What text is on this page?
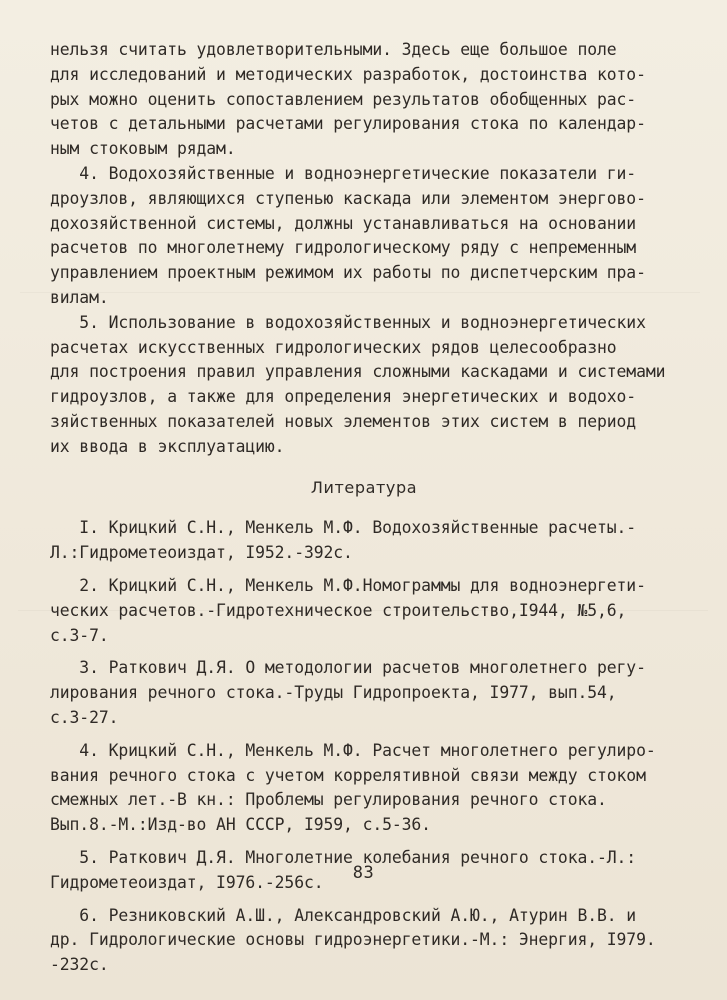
нельзя считать удовлетворительными. Здесь еще большое поле
для исследований и методических разработок, достоинства кото-
рых можно оценить сопоставлением результатов обобщенных рас-
четов с детальными расчетами регулирования стока по календар-
ным стоковым рядам.
4. Водохозяйственные и водноэнергетические показатели ги-
дроузлов, являющихся ступенью каскада или элементом энергово-
дохозяйственной системы, должны устанавливаться на основании
расчетов по многолетнему гидрологическому ряду с непременным
управлением проектным режимом их работы по диспетчерским пра-
вилам.
5. Использование в водохозяйственных и водноэнергетических
расчетах искусственных гидрологических рядов целесообразно
для построения правил управления сложными каскадами и системами
гидроузлов, а также для определения энергетических и водохо-
зяйственных показателей новых элементов этих систем в период
их ввода в эксплуатацию.
Литература
I. Крицкий С.Н., Менкель М.Ф. Водохозяйственные расчеты.-
Л.:Гидрометеоиздат, I952.-392с.
2. Крицкий С.Н., Менкель М.Ф.Номограммы для водноэнергети-
ческих расчетов.-Гидротехническое строительство,I944, №5,6,
с.3-7.
3. Раткович Д.Я. О методологии расчетов многолетнего регу-
лирования речного стока.-Труды Гидропроекта, I977, вып.54,
с.3-27.
4. Крицкий С.Н., Менкель М.Ф. Расчет многолетнего регулиро-
вания речного стока с учетом коррелятивной связи между стоком
смежных лет.-В кн.: Проблемы регулирования речного стока.
Вып.8.-М.:Изд-во АН СССР, I959, с.5-36.
5. Раткович Д.Я. Многолетние колебания речного стока.-Л.:
Гидрометеоиздат, I976.-256с.
6. Резниковский А.Ш., Александровский А.Ю., Атурин В.В. и
др. Гидрологические основы гидроэнергетики.-М.: Энергия, I979.
-232с.
83
